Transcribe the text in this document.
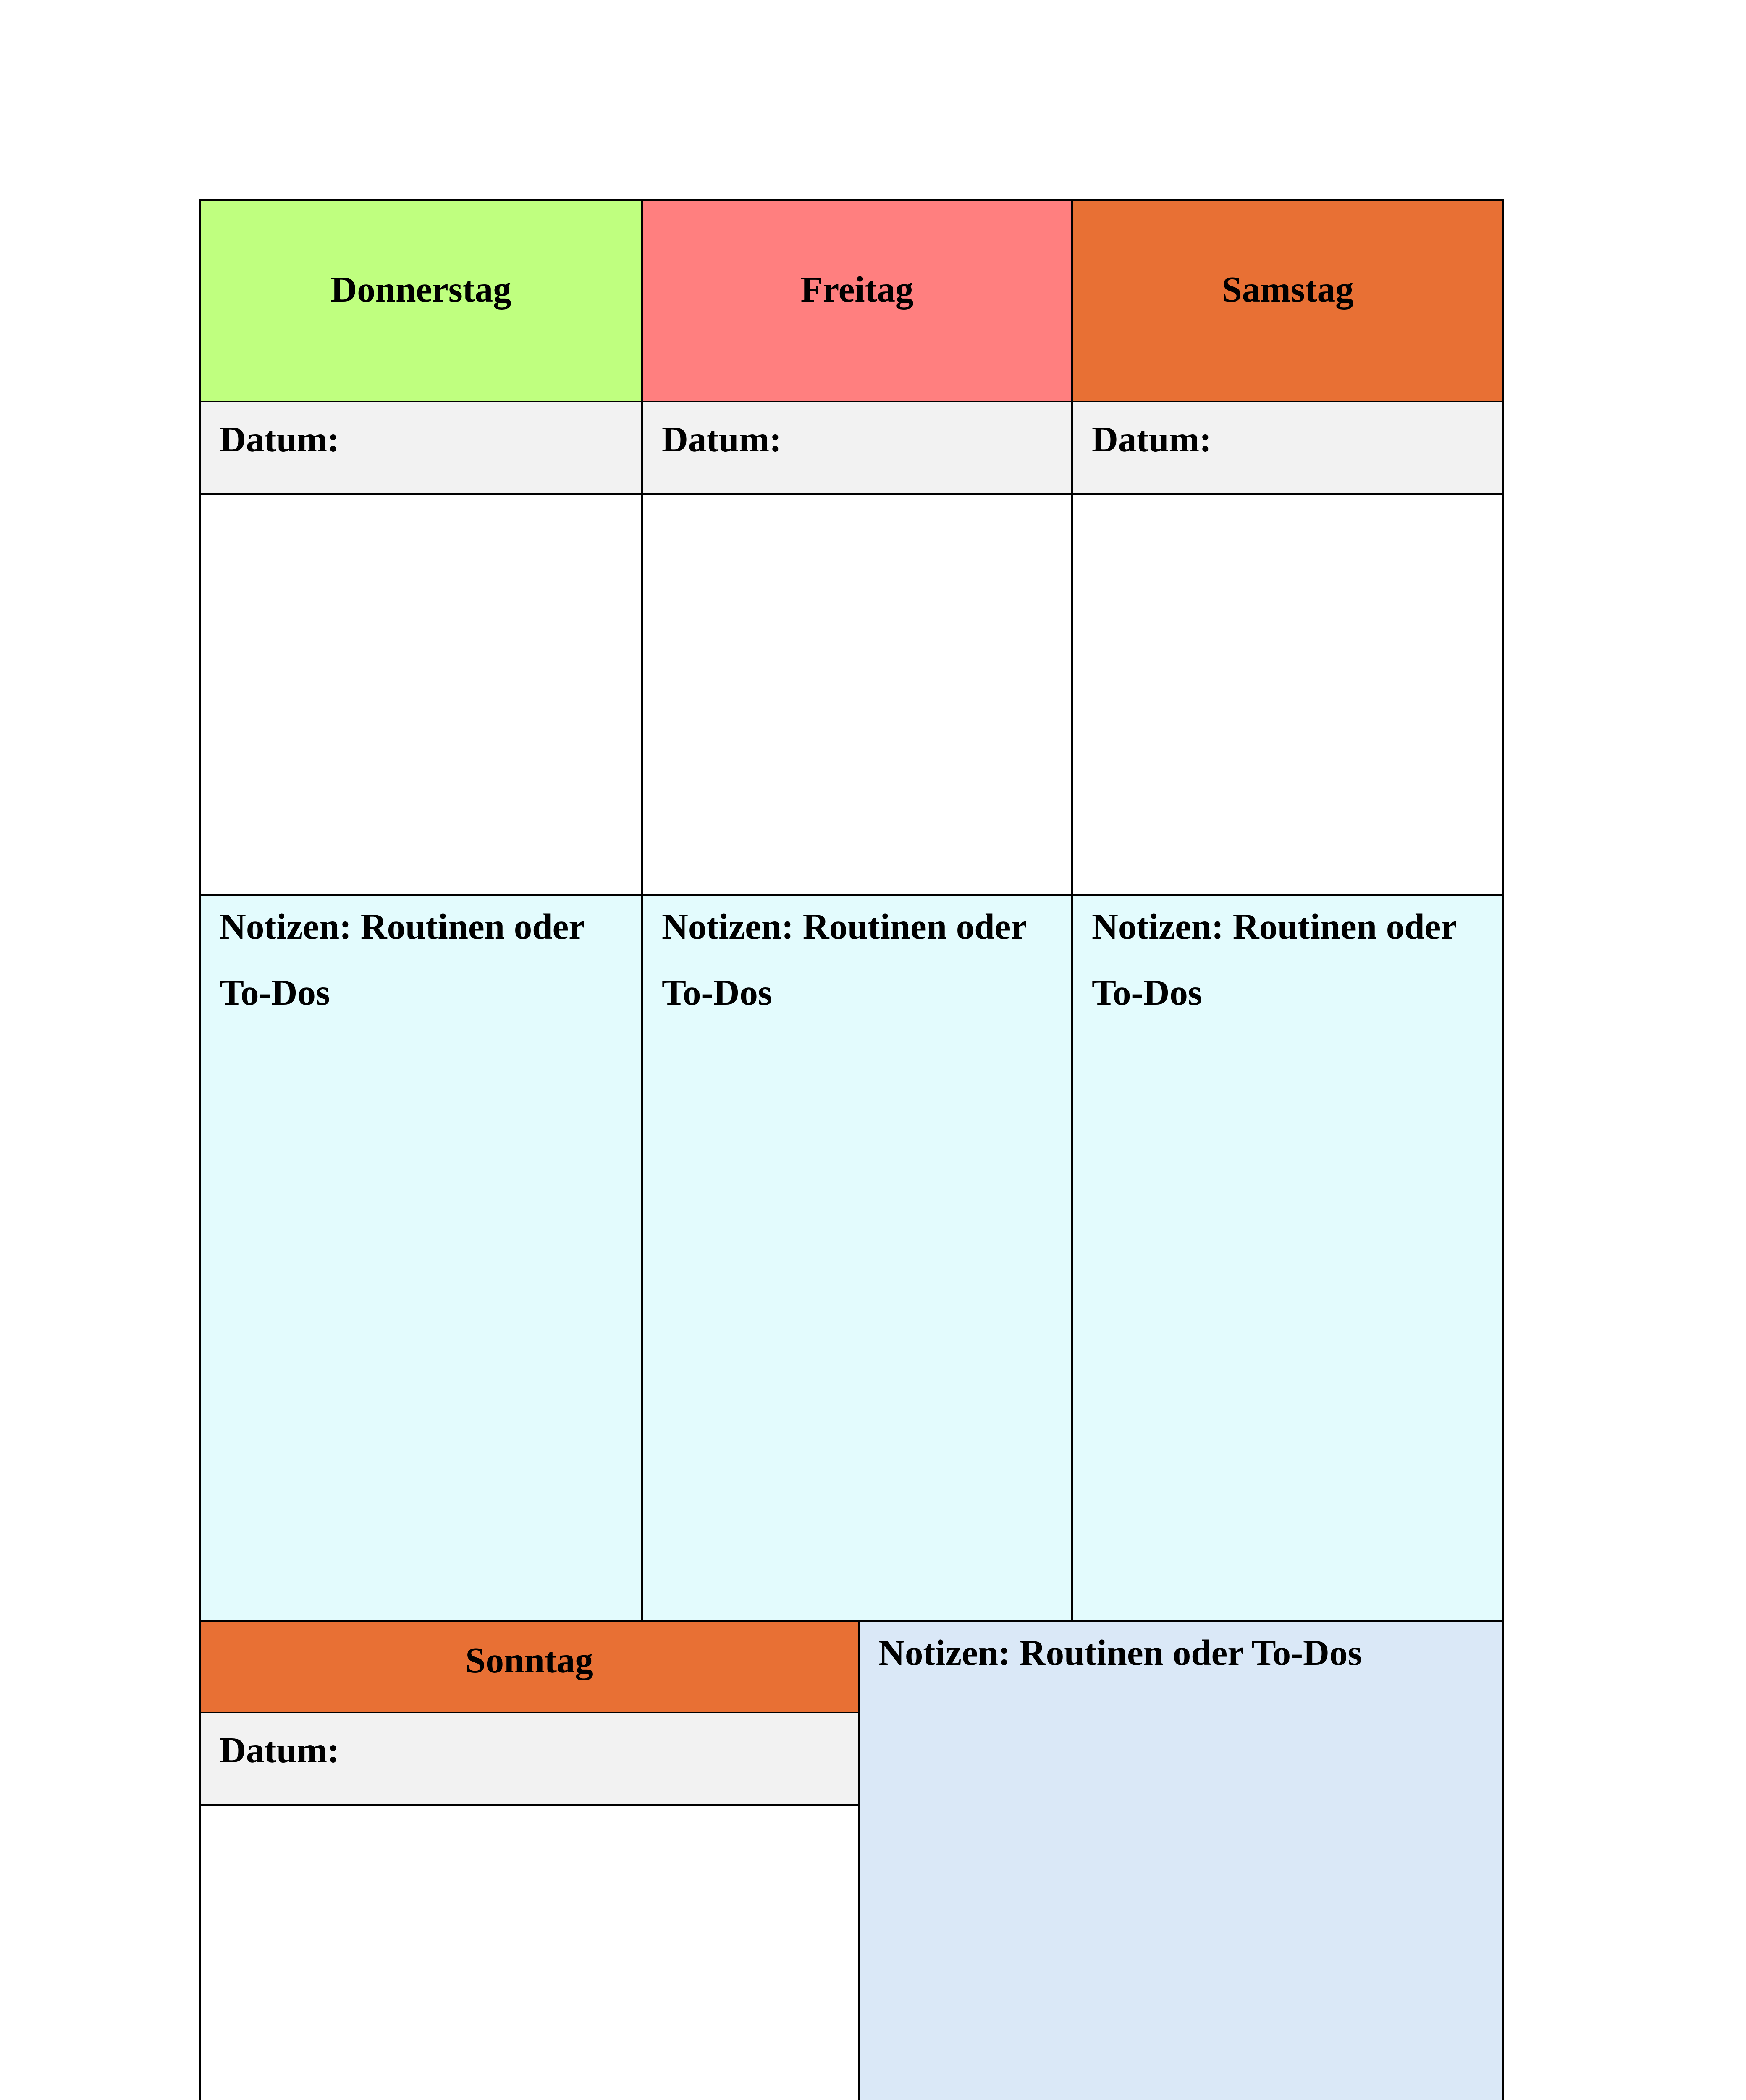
Donnerstag
Datum:
Notizen: Routinen oder To-Dos
Freitag
Datum:
Notizen: Routinen oder To-Dos
Samstag
Datum:
Notizen: Routinen oder To-Dos
Sonntag
Datum:
Notizen: Routinen oder To-Dos
